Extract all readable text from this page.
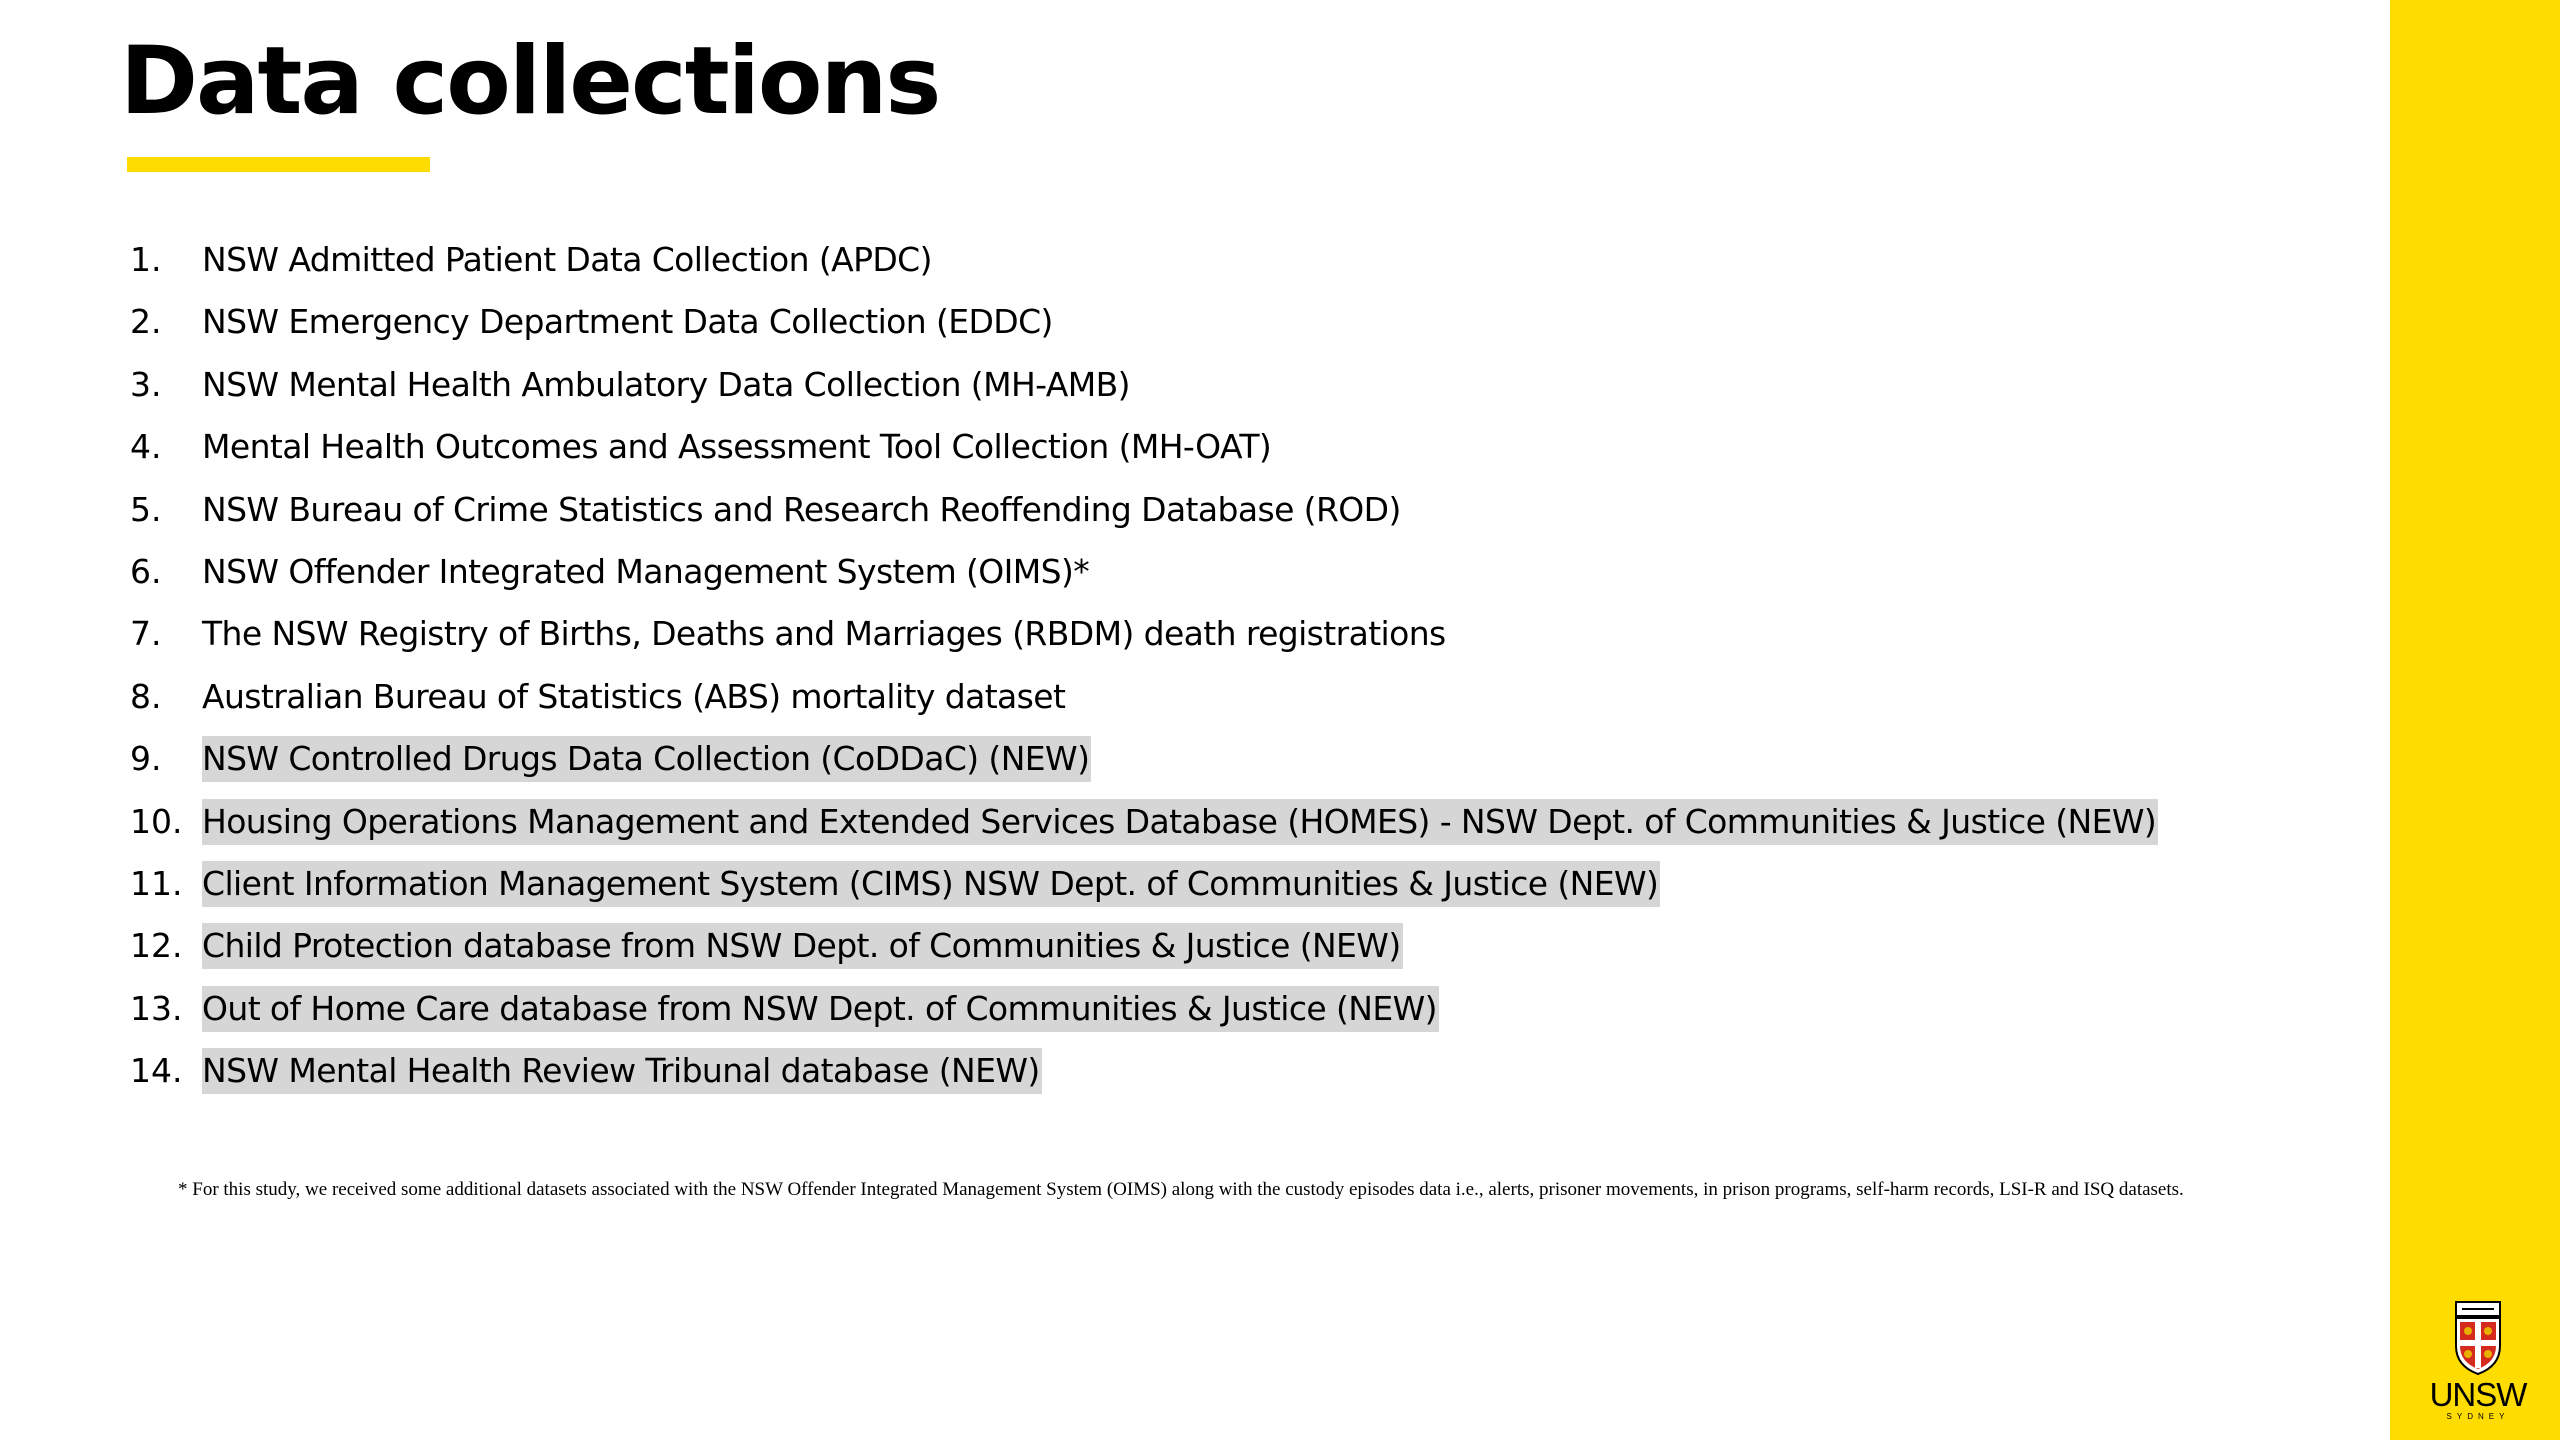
Data collections
1. NSW Admitted Patient Data Collection (APDC)
2. NSW Emergency Department Data Collection (EDDC)
3. NSW Mental Health Ambulatory Data Collection (MH-AMB)
4. Mental Health Outcomes and Assessment Tool Collection (MH-OAT)
5. NSW Bureau of Crime Statistics and Research Reoffending Database (ROD)
6. NSW Offender Integrated Management System (OIMS)*
7. The NSW Registry of Births, Deaths and Marriages (RBDM) death registrations
8. Australian Bureau of Statistics (ABS) mortality dataset
9. NSW Controlled Drugs Data Collection (CoDDaC) (NEW)
10. Housing Operations Management and Extended Services Database (HOMES) - NSW Dept. of Communities & Justice (NEW)
11. Client Information Management System (CIMS) NSW Dept. of Communities & Justice (NEW)
12. Child Protection database from NSW Dept. of Communities & Justice (NEW)
13. Out of Home Care database from NSW Dept. of Communities & Justice (NEW)
14. NSW Mental Health Review Tribunal database (NEW)

* For this study, we received some additional datasets associated with the NSW Offender Integrated Management System (OIMS) along with the custody episodes data i.e., alerts, prisoner movements, in prison programs, self-harm records, LSI-R and ISQ datasets.

UNSW
SYDNEY
